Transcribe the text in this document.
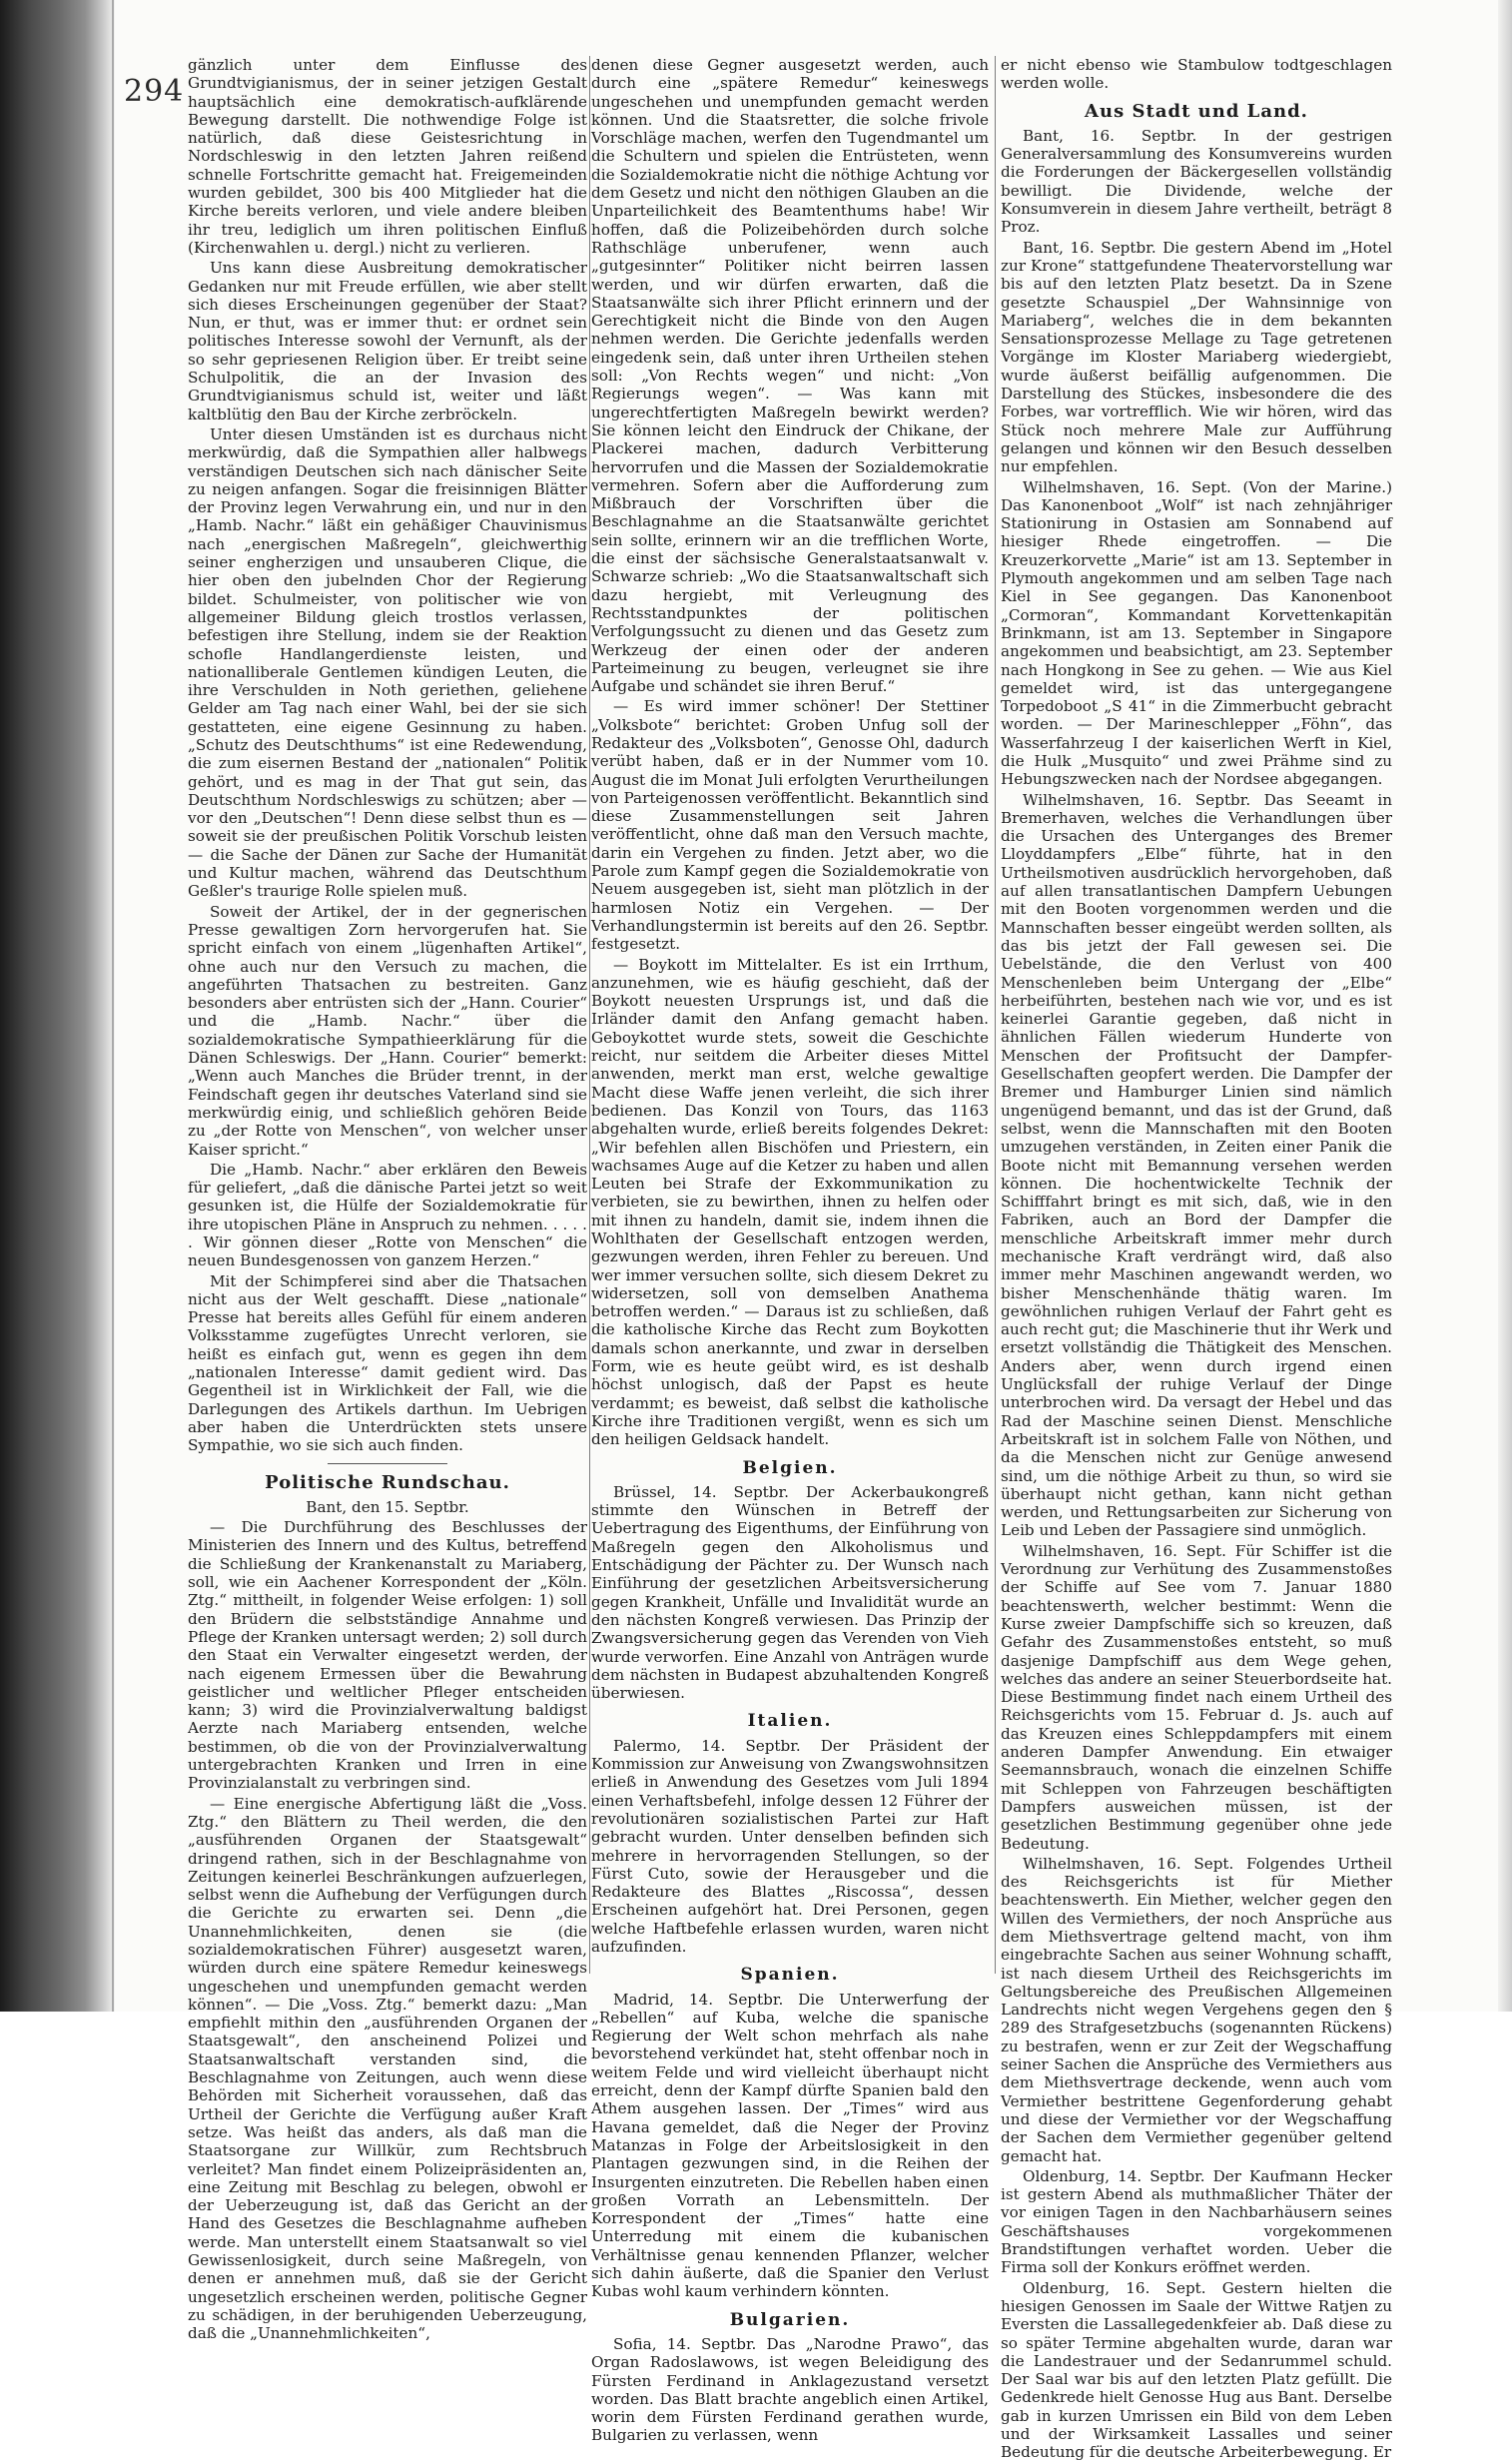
294

gänzlich unter dem Einflusse des Grundtvigianismus, der in seiner jetzigen Gestalt hauptsächlich eine demokratisch-aufklärende Bewegung darstellt. Die nothwendige Folge ist natürlich, daß diese Geistesrichtung in Nordschleswig in den letzten Jahren reißend schnelle Fortschritte gemacht hat. Freigemeinden wurden gebildet, 300 bis 400 Mitglieder hat die Kirche bereits verloren, und viele andere bleiben ihr treu, lediglich um ihren politischen Einfluß (Kirchenwahlen u. dergl.) nicht zu verlieren.

Uns kann diese Ausbreitung demokratischer Gedanken nur mit Freude erfüllen, wie aber stellt sich dieses Erscheinungen gegenüber der Staat? Nun, er thut, was er immer thut: er ordnet sein politisches Interesse sowohl der Vernunft, als der so sehr gepriesenen Religion über. Er treibt seine Schulpolitik, die an der Invasion des Grundtvigianismus schuld ist, weiter und läßt kaltblütig den Bau der Kirche zerbröckeln.

Unter diesen Umständen ist es durchaus nicht merkwürdig, daß die Sympathien aller halbwegs verständigen Deutschen sich nach dänischer Seite zu neigen anfangen. Sogar die freisinnigen Blätter der Provinz legen Verwahrung ein, und nur in den „Hamb. Nachr.“ läßt ein gehäßiger Chauvinismus nach „energischen Maßregeln“, gleichwerthig seiner engherzigen und unsauberen Clique, die hier oben den jubelnden Chor der Regierung bildet. Schulmeister, von politischer wie von allgemeiner Bildung gleich trostlos verlassen, befestigen ihre Stellung, indem sie der Reaktion schofle Handlangerdienste leisten, und nationalliberale Gentlemen kündigen Leuten, die ihre Verschulden in Noth geriethen, geliehene Gelder am Tag nach einer Wahl, bei der sie sich gestatteten, eine eigene Gesinnung zu haben. „Schutz des Deutschthums“ ist eine Redewendung, die zum eisernen Bestand der „nationalen“ Politik gehört, und es mag in der That gut sein, das Deutschthum Nordschleswigs zu schützen; aber — vor den „Deutschen“! Denn diese selbst thun es — soweit sie der preußischen Politik Vorschub leisten — die Sache der Dänen zur Sache der Humanität und Kultur machen, während das Deutschthum Geßler's traurige Rolle spielen muß.

Soweit der Artikel, der in der gegnerischen Presse gewaltigen Zorn hervorgerufen hat. Sie spricht einfach von einem „lügenhaften Artikel“, ohne auch nur den Versuch zu machen, die angeführten Thatsachen zu bestreiten. Ganz besonders aber entrüsten sich der „Hann. Courier“ und die „Hamb. Nachr.“ über die sozialdemokratische Sympathieerklärung für die Dänen Schleswigs. Der „Hann. Courier“ bemerkt: „Wenn auch Manches die Brüder trennt, in der Feindschaft gegen ihr deutsches Vaterland sind sie merkwürdig einig, und schließlich gehören Beide zu „der Rotte von Menschen“, von welcher unser Kaiser spricht.“

Die „Hamb. Nachr.“ aber erklären den Beweis für geliefert, „daß die dänische Partei jetzt so weit gesunken ist, die Hülfe der Sozialdemokratie für ihre utopischen Pläne in Anspruch zu nehmen. . . . . . Wir gönnen dieser „Rotte von Menschen“ die neuen Bundesgenossen von ganzem Herzen.“

Mit der Schimpferei sind aber die Thatsachen nicht aus der Welt geschafft. Diese „nationale“ Presse hat bereits alles Gefühl für einem anderen Volksstamme zugefügtes Unrecht verloren, sie heißt es einfach gut, wenn es gegen ihn dem „nationalen Interesse“ damit gedient wird. Das Gegentheil ist in Wirklichkeit der Fall, wie die Darlegungen des Artikels darthun. Im Uebrigen aber haben die Unterdrückten stets unsere Sympathie, wo sie sich auch finden.

Politische Rundschau.

Bant, den 15. Septbr.

— Die Durchführung des Beschlusses der Ministerien des Innern und des Kultus, betreffend die Schließung der Krankenanstalt zu Mariaberg, soll, wie ein Aachener Korrespondent der „Köln. Ztg.“ mittheilt, in folgender Weise erfolgen: 1) soll den Brüdern die selbstständige Annahme und Pflege der Kranken untersagt werden; 2) soll durch den Staat ein Verwalter eingesetzt werden, der nach eigenem Ermessen über die Bewahrung geistlicher und weltlicher Pfleger entscheiden kann; 3) wird die Provinzialverwaltung baldigst Aerzte nach Mariaberg entsenden, welche bestimmen, ob die von der Provinzialverwaltung untergebrachten Kranken und Irren in eine Provinzialanstalt zu verbringen sind.

— Eine energische Abfertigung läßt die „Voss. Ztg.“ den Blättern zu Theil werden, die den „ausführenden Organen der Staatsgewalt“ dringend rathen, sich in der Beschlagnahme von Zeitungen keinerlei Beschränkungen aufzuerlegen, selbst wenn die Aufhebung der Verfügungen durch die Gerichte zu erwarten sei. Denn „die Unannehmlichkeiten, denen sie (die sozialdemokratischen Führer) ausgesetzt waren, würden durch eine spätere Remedur keineswegs ungeschehen und unempfunden gemacht werden können“. — Die „Voss. Ztg.“ bemerkt dazu: „Man empfiehlt mithin den „ausführenden Organen der Staatsgewalt“, den anscheinend Polizei und Staatsanwaltschaft verstanden sind, die Beschlagnahme von Zeitungen, auch wenn diese Behörden mit Sicherheit voraussehen, daß das Urtheil der Gerichte die Verfügung außer Kraft setze. Was heißt das anders, als daß man die Staatsorgane zur Willkür, zum Rechtsbruch verleitet? Man findet einem Polizeipräsidenten an, eine Zeitung mit Beschlag zu belegen, obwohl er der Ueberzeugung ist, daß das Gericht an der Hand des Gesetzes die Beschlagnahme aufheben werde. Man unterstellt einem Staatsanwalt so viel Gewissenlosigkeit, durch seine Maßregeln, von denen er annehmen muß, daß sie der Gericht ungesetzlich erscheinen werden, politische Gegner zu schädigen, in der beruhigenden Ueberzeugung, daß die „Unannehmlichkeiten“,

denen diese Gegner ausgesetzt werden, auch durch eine „spätere Remedur“ keineswegs ungeschehen und unempfunden gemacht werden können. Und die Staatsretter, die solche frivole Vorschläge machen, werfen den Tugendmantel um die Schultern und spielen die Entrüsteten, wenn die Sozialdemokratie nicht die nöthige Achtung vor dem Gesetz und nicht den nöthigen Glauben an die Unparteilichkeit des Beamtenthums habe! Wir hoffen, daß die Polizeibehörden durch solche Rathschläge unberufener, wenn auch „gutgesinnter“ Politiker nicht beirren lassen werden, und wir dürfen erwarten, daß die Staatsanwälte sich ihrer Pflicht erinnern und der Gerechtigkeit nicht die Binde von den Augen nehmen werden. Die Gerichte jedenfalls werden eingedenk sein, daß unter ihren Urtheilen stehen soll: „Von Rechts wegen“ und nicht: „Von Regierungs wegen“. — Was kann mit ungerechtfertigten Maßregeln bewirkt werden? Sie können leicht den Eindruck der Chikane, der Plackerei machen, dadurch Verbitterung hervorrufen und die Massen der Sozialdemokratie vermehren. Sofern aber die Aufforderung zum Mißbrauch der Vorschriften über die Beschlagnahme an die Staatsanwälte gerichtet sein sollte, erinnern wir an die trefflichen Worte, die einst der sächsische Generalstaatsanwalt v. Schwarze schrieb: „Wo die Staatsanwaltschaft sich dazu hergiebt, mit Verleugnung des Rechtsstandpunktes der politischen Verfolgungssucht zu dienen und das Gesetz zum Werkzeug der einen oder der anderen Parteimeinung zu beugen, verleugnet sie ihre Aufgabe und schändet sie ihren Beruf.“

— Es wird immer schöner! Der Stettiner „Volksbote“ berichtet: Groben Unfug soll der Redakteur des „Volksboten“, Genosse Ohl, dadurch verübt haben, daß er in der Nummer vom 10. August die im Monat Juli erfolgten Verurtheilungen von Parteigenossen veröffentlicht. Bekanntlich sind diese Zusammenstellungen seit Jahren veröffentlicht, ohne daß man den Versuch machte, darin ein Vergehen zu finden. Jetzt aber, wo die Parole zum Kampf gegen die Sozialdemokratie von Neuem ausgegeben ist, sieht man plötzlich in der harmlosen Notiz ein Vergehen. — Der Verhandlungstermin ist bereits auf den 26. Septbr. festgesetzt.

— Boykott im Mittelalter. Es ist ein Irrthum, anzunehmen, wie es häufig geschieht, daß der Boykott neuesten Ursprungs ist, und daß die Irländer damit den Anfang gemacht haben. Geboykottet wurde stets, soweit die Geschichte reicht, nur seitdem die Arbeiter dieses Mittel anwenden, merkt man erst, welche gewaltige Macht diese Waffe jenen verleiht, die sich ihrer bedienen. Das Konzil von Tours, das 1163 abgehalten wurde, erließ bereits folgendes Dekret: „Wir befehlen allen Bischöfen und Priestern, ein wachsames Auge auf die Ketzer zu haben und allen Leuten bei Strafe der Exkommunikation zu verbieten, sie zu bewirthen, ihnen zu helfen oder mit ihnen zu handeln, damit sie, indem ihnen die Wohlthaten der Gesellschaft entzogen werden, gezwungen werden, ihren Fehler zu bereuen. Und wer immer versuchen sollte, sich diesem Dekret zu widersetzen, soll von demselben Anathema betroffen werden.“ — Daraus ist zu schließen, daß die katholische Kirche das Recht zum Boykotten damals schon anerkannte, und zwar in derselben Form, wie es heute geübt wird, es ist deshalb höchst unlogisch, daß der Papst es heute verdammt; es beweist, daß selbst die katholische Kirche ihre Traditionen vergißt, wenn es sich um den heiligen Geldsack handelt.

Belgien.

Brüssel, 14. Septbr. Der Ackerbaukongreß stimmte den Wünschen in Betreff der Uebertragung des Eigenthums, der Einführung von Maßregeln gegen den Alkoholismus und Entschädigung der Pächter zu. Der Wunsch nach Einführung der gesetzlichen Arbeitsversicherung gegen Krankheit, Unfälle und Invalidität wurde an den nächsten Kongreß verwiesen. Das Prinzip der Zwangsversicherung gegen das Verenden von Vieh wurde verworfen. Eine Anzahl von Anträgen wurde dem nächsten in Budapest abzuhaltenden Kongreß überwiesen.

Italien.

Palermo, 14. Septbr. Der Präsident der Kommission zur Anweisung von Zwangswohnsitzen erließ in Anwendung des Gesetzes vom Juli 1894 einen Verhaftsbefehl, infolge dessen 12 Führer der revolutionären sozialistischen Partei zur Haft gebracht wurden. Unter denselben befinden sich mehrere in hervorragenden Stellungen, so der Fürst Cuto, sowie der Herausgeber und die Redakteure des Blattes „Riscossa“, dessen Erscheinen aufgehört hat. Drei Personen, gegen welche Haftbefehle erlassen wurden, waren nicht aufzufinden.

Spanien.

Madrid, 14. Septbr. Die Unterwerfung der „Rebellen“ auf Kuba, welche die spanische Regierung der Welt schon mehrfach als nahe bevorstehend verkündet hat, steht offenbar noch in weitem Felde und wird vielleicht überhaupt nicht erreicht, denn der Kampf dürfte Spanien bald den Athem ausgehen lassen. Der „Times“ wird aus Havana gemeldet, daß die Neger der Provinz Matanzas in Folge der Arbeitslosigkeit in den Plantagen gezwungen sind, in die Reihen der Insurgenten einzutreten. Die Rebellen haben einen großen Vorrath an Lebensmitteln. Der Korrespondent der „Times“ hatte eine Unterredung mit einem die kubanischen Verhältnisse genau kennenden Pflanzer, welcher sich dahin äußerte, daß die Spanier den Verlust Kubas wohl kaum verhindern könnten.

Bulgarien.

Sofia, 14. Septbr. Das „Narodne Prawo“, das Organ Radoslawows, ist wegen Beleidigung des Fürsten Ferdinand in Anklagezustand versetzt worden. Das Blatt brachte angeblich einen Artikel, worin dem Fürsten Ferdinand gerathen wurde, Bulgarien zu verlassen, wenn

er nicht ebenso wie Stambulow todtgeschlagen werden wolle.

Aus Stadt und Land.

Bant, 16. Septbr. In der gestrigen Generalversammlung des Konsumvereins wurden die Forderungen der Bäckergesellen vollständig bewilligt. Die Dividende, welche der Konsumverein in diesem Jahre vertheilt, beträgt 8 Proz.

Bant, 16. Septbr. Die gestern Abend im „Hotel zur Krone“ stattgefundene Theatervorstellung war bis auf den letzten Platz besetzt. Da in Szene gesetzte Schauspiel „Der Wahnsinnige von Mariaberg“, welches die in dem bekannten Sensationsprozesse Mellage zu Tage getretenen Vorgänge im Kloster Mariaberg wiedergiebt, wurde äußerst beifällig aufgenommen. Die Darstellung des Stückes, insbesondere die des Forbes, war vortrefflich. Wie wir hören, wird das Stück noch mehrere Male zur Aufführung gelangen und können wir den Besuch desselben nur empfehlen.

Wilhelmshaven, 16. Sept. (Von der Marine.) Das Kanonenboot „Wolf“ ist nach zehnjähriger Stationirung in Ostasien am Sonnabend auf hiesiger Rhede eingetroffen. — Die Kreuzerkorvette „Marie“ ist am 13. September in Plymouth angekommen und am selben Tage nach Kiel in See gegangen. Das Kanonenboot „Cormoran“, Kommandant Korvettenkapitän Brinkmann, ist am 13. September in Singapore angekommen und beabsichtigt, am 23. September nach Hongkong in See zu gehen. — Wie aus Kiel gemeldet wird, ist das untergegangene Torpedoboot „S 41“ in die Zimmerbucht gebracht worden. — Der Marineschlepper „Föhn“, das Wasserfahrzeug I der kaiserlichen Werft in Kiel, die Hulk „Musquito“ und zwei Prähme sind zu Hebungszwecken nach der Nordsee abgegangen.

Wilhelmshaven, 16. Septbr. Das Seeamt in Bremerhaven, welches die Verhandlungen über die Ursachen des Unterganges des Bremer Lloyddampfers „Elbe“ führte, hat in den Urtheilsmotiven ausdrücklich hervorgehoben, daß auf allen transatlantischen Dampfern Uebungen mit den Booten vorgenommen werden und die Mannschaften besser eingeübt werden sollten, als das bis jetzt der Fall gewesen sei. Die Uebelstände, die den Verlust von 400 Menschenleben beim Untergang der „Elbe“ herbeiführten, bestehen nach wie vor, und es ist keinerlei Garantie gegeben, daß nicht in ähnlichen Fällen wiederum Hunderte von Menschen der Profitsucht der Dampfer-Gesellschaften geopfert werden. Die Dampfer der Bremer und Hamburger Linien sind nämlich ungenügend bemannt, und das ist der Grund, daß selbst, wenn die Mannschaften mit den Booten umzugehen verständen, in Zeiten einer Panik die Boote nicht mit Bemannung versehen werden können. Die hochentwickelte Technik der Schifffahrt bringt es mit sich, daß, wie in den Fabriken, auch an Bord der Dampfer die menschliche Arbeitskraft immer mehr durch mechanische Kraft verdrängt wird, daß also immer mehr Maschinen angewandt werden, wo bisher Menschenhände thätig waren. Im gewöhnlichen ruhigen Verlauf der Fahrt geht es auch recht gut; die Maschinerie thut ihr Werk und ersetzt vollständig die Thätigkeit des Menschen. Anders aber, wenn durch irgend einen Unglücksfall der ruhige Verlauf der Dinge unterbrochen wird. Da versagt der Hebel und das Rad der Maschine seinen Dienst. Menschliche Arbeitskraft ist in solchem Falle von Nöthen, und da die Menschen nicht zur Genüge anwesend sind, um die nöthige Arbeit zu thun, so wird sie überhaupt nicht gethan, kann nicht gethan werden, und Rettungsarbeiten zur Sicherung von Leib und Leben der Passagiere sind unmöglich.

Wilhelmshaven, 16. Sept. Für Schiffer ist die Verordnung zur Verhütung des Zusammenstoßes der Schiffe auf See vom 7. Januar 1880 beachtenswerth, welcher bestimmt: Wenn die Kurse zweier Dampfschiffe sich so kreuzen, daß Gefahr des Zusammenstoßes entsteht, so muß dasjenige Dampfschiff aus dem Wege gehen, welches das andere an seiner Steuerbordseite hat. Diese Bestimmung findet nach einem Urtheil des Reichsgerichts vom 15. Februar d. Js. auch auf das Kreuzen eines Schleppdampfers mit einem anderen Dampfer Anwendung. Ein etwaiger Seemannsbrauch, wonach die einzelnen Schiffe mit Schleppen von Fahrzeugen beschäftigten Dampfers ausweichen müssen, ist der gesetzlichen Bestimmung gegenüber ohne jede Bedeutung.

Wilhelmshaven, 16. Sept. Folgendes Urtheil des Reichsgerichts ist für Miether beachtenswerth. Ein Miether, welcher gegen den Willen des Vermiethers, der noch Ansprüche aus dem Miethsvertrage geltend macht, von ihm eingebrachte Sachen aus seiner Wohnung schafft, ist nach diesem Urtheil des Reichsgerichts im Geltungsbereiche des Preußischen Allgemeinen Landrechts nicht wegen Vergehens gegen den § 289 des Strafgesetzbuchs (sogenannten Rückens) zu bestrafen, wenn er zur Zeit der Wegschaffung seiner Sachen die Ansprüche des Vermiethers aus dem Miethsvertrage deckende, wenn auch vom Vermiether bestrittene Gegenforderung gehabt und diese der Vermiether vor der Wegschaffung der Sachen dem Vermiether gegenüber geltend gemacht hat.

Oldenburg, 14. Septbr. Der Kaufmann Hecker ist gestern Abend als muthmaßlicher Thäter der vor einigen Tagen in den Nachbarhäusern seines Geschäftshauses vorgekommenen Brandstiftungen verhaftet worden. Ueber die Firma soll der Konkurs eröffnet werden.

Oldenburg, 16. Sept. Gestern hielten die hiesigen Genossen im Saale der Wittwe Ratjen zu Eversten die Lassallegedenkfeier ab. Daß diese zu so später Termine abgehalten wurde, daran war die Landestrauer und der Sedanrummel schuld. Der Saal war bis auf den letzten Platz gefüllt. Die Gedenkrede hielt Genosse Hug aus Bant. Derselbe gab in kurzen Umrissen ein Bild von dem Leben und der Wirksamkeit Lassalles und seiner Bedeutung für die deutsche Arbeiterbewegung. Er
